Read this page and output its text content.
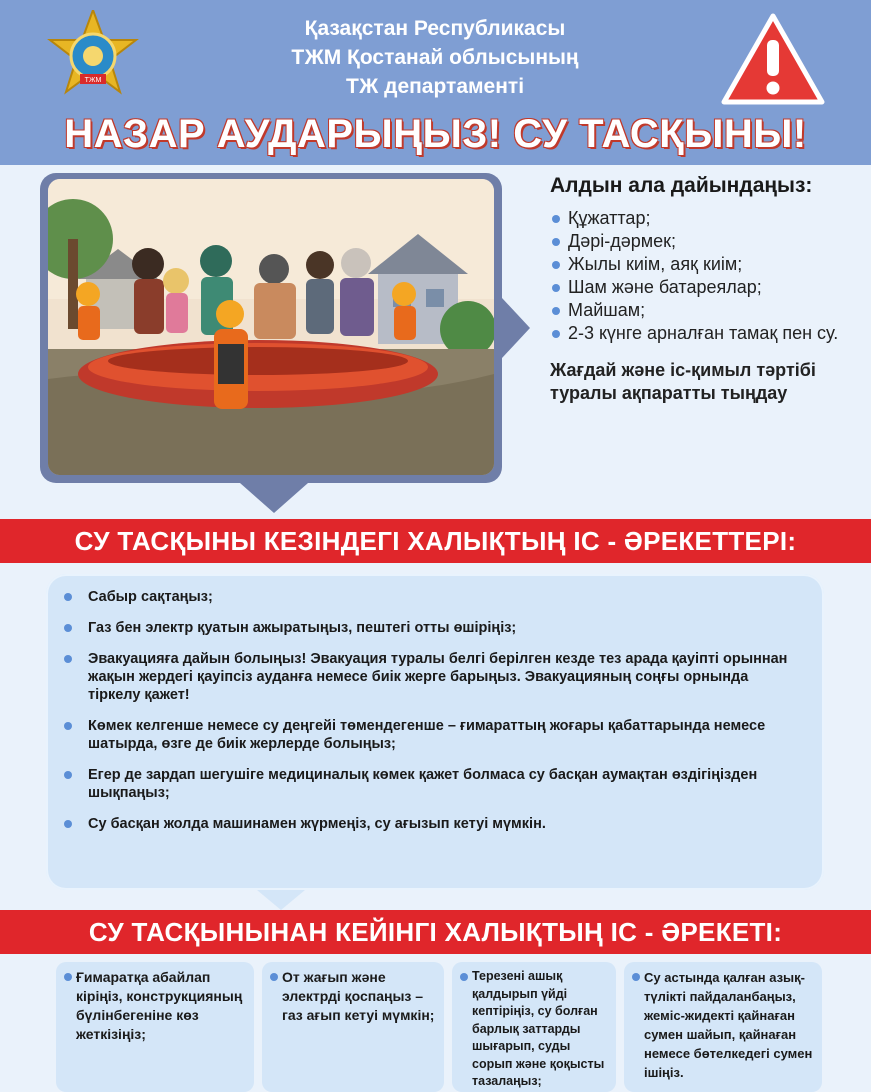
ТЖМ
Қазақстан Республикасы
ТЖМ Қостанай облысының
ТЖ департаменті
НАЗАР АУДАРЫҢЫЗ! СУ ТАСҚЫНЫ!
Алдын ала дайындаңыз:
Құжаттар;
Дәрі-дәрмек;
Жылы киім, аяқ киім;
Шам және батареялар;
Майшам;
2-3 күнге арналған тамақ пен су.
Жағдай және іс-қимыл тәртібі туралы ақпаратты тыңдау
СУ ТАСҚЫНЫ КЕЗІНДЕГІ ХАЛЫҚТЫҢ ІС - ӘРЕКЕТТЕРІ:
Сабыр сақтаңыз;
Газ бен электр қуатын ажыратыңыз, пештегі отты өшіріңіз;
Эвакуацияға дайын болыңыз! Эвакуация туралы белгі берілген кезде тез арада қауіпті орыннан жақын жердегі қауіпсіз ауданға немесе биік жерге барыңыз. Эвакуацияның соңғы орнында тіркелу қажет!
Көмек келгенше немесе су деңгейі төмендегенше – ғимараттың жоғары қабаттарында немесе шатырда, өзге де биік жерлерде болыңыз;
Егер де зардап шегушіге медициналық көмек қажет болмаса су басқан аумақтан өздігіңізден шықпаңыз;
Су басқан жолда машинамен жүрмеңіз, су ағызып кетуі мүмкін.
СУ ТАСҚЫНЫНАН КЕЙІНГІ ХАЛЫҚТЫҢ ІС - ӘРЕКЕТІ:
Ғимаратқа абайлап кіріңіз, конструкцияның бүлінбегеніне көз жеткізіңіз;
От жағып және электрді қоспаңыз – газ ағып кетуі мүмкін;
Терезені ашық қалдырып үйді кептіріңіз, су болған барлық заттарды шығарып, суды сорып және қоқысты тазалаңыз;
Су астында қалған азық-түлікті пайдаланбаңыз, жеміс-жидекті қайнаған сумен шайып, қайнаған немесе бөтелкедегі сумен ішіңіз.
